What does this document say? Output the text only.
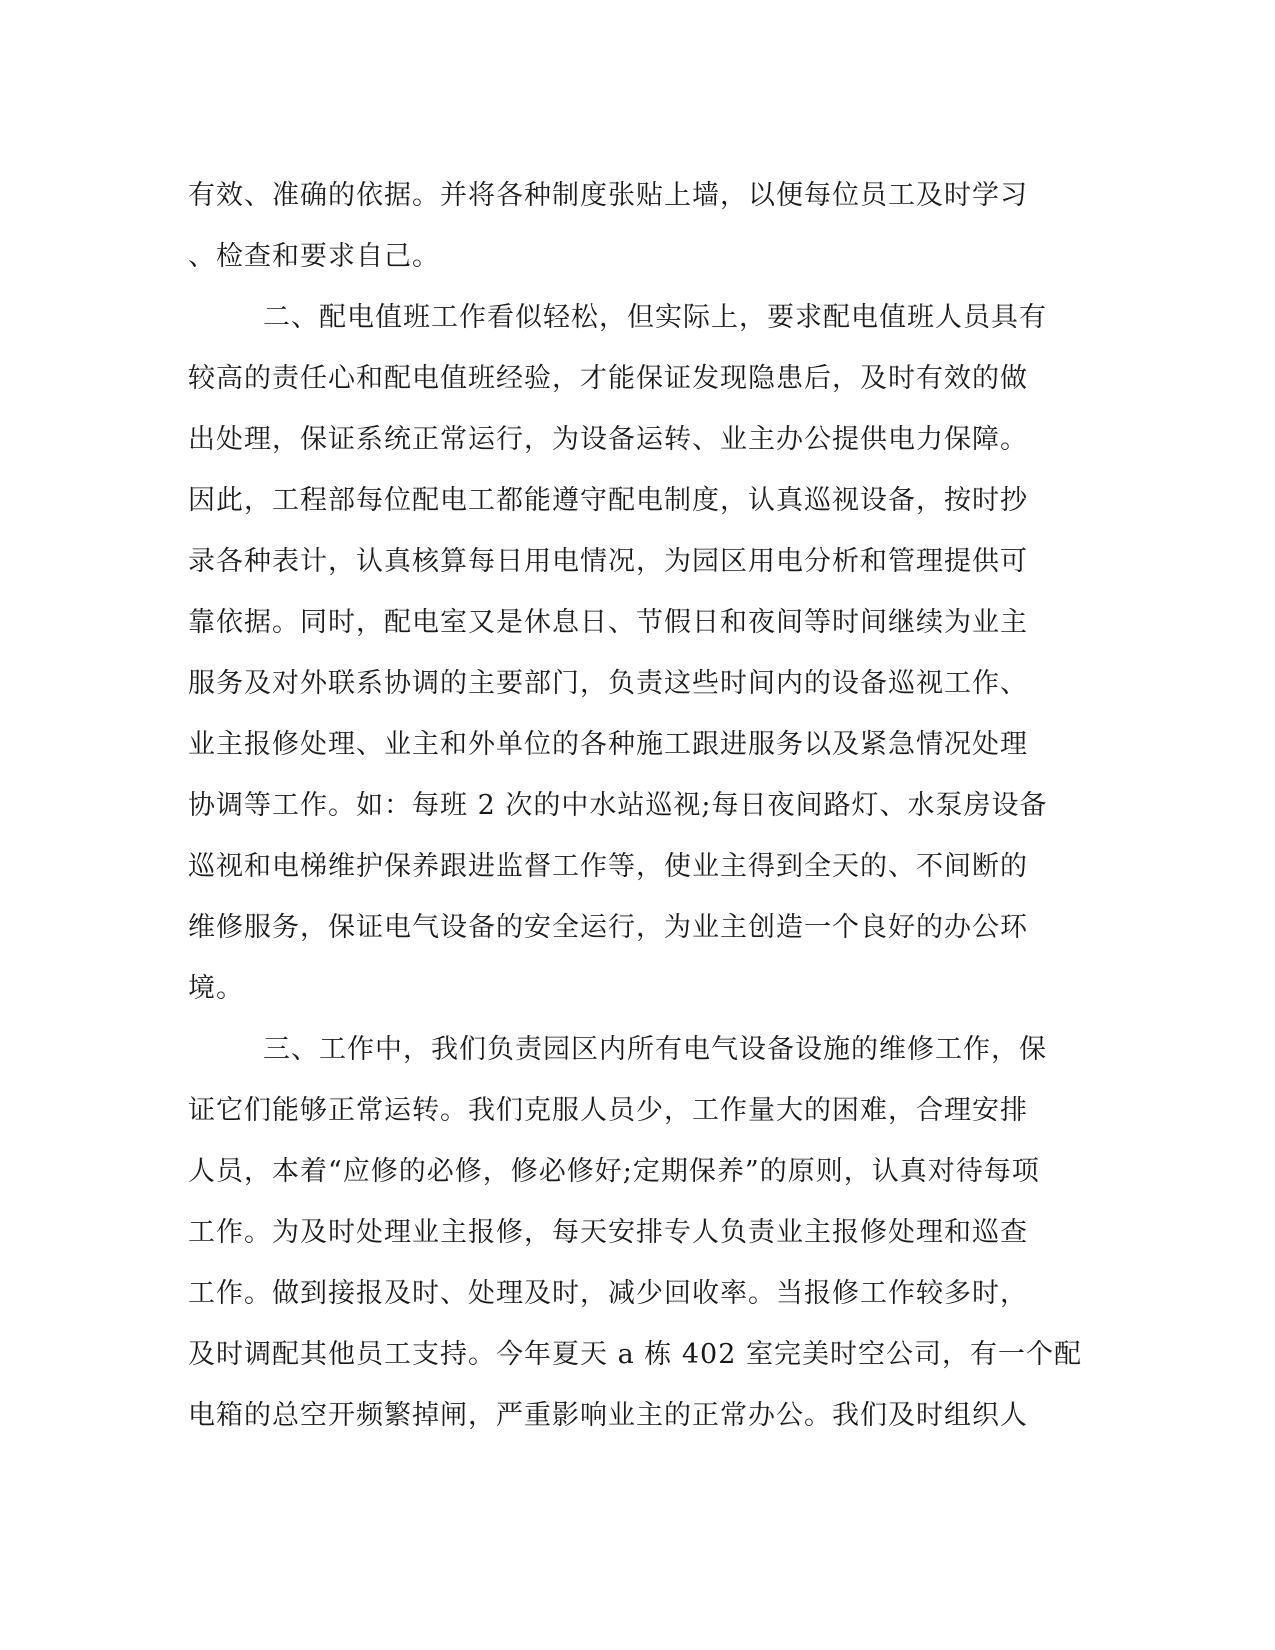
有效、准确的依据。并将各种制度张贴上墙，以便每位员工及时学习
、检查和要求自己。
二、配电值班工作看似轻松，但实际上，要求配电值班人员具有
较高的责任心和配电值班经验，才能保证发现隐患后，及时有效的做
出处理，保证系统正常运行，为设备运转、业主办公提供电力保障。
因此，工程部每位配电工都能遵守配电制度，认真巡视设备，按时抄
录各种表计，认真核算每日用电情况，为园区用电分析和管理提供可
靠依据。同时，配电室又是休息日、节假日和夜间等时间继续为业主
服务及对外联系协调的主要部门，负责这些时间内的设备巡视工作、
业主报修处理、业主和外单位的各种施工跟进服务以及紧急情况处理
协调等工作。如：每班 2 次的中水站巡视;每日夜间路灯、水泵房设备
巡视和电梯维护保养跟进监督工作等，使业主得到全天的、不间断的
维修服务，保证电气设备的安全运行，为业主创造一个良好的办公环
境。
三、工作中，我们负责园区内所有电气设备设施的维修工作，保
证它们能够正常运转。我们克服人员少，工作量大的困难，合理安排
人员，本着“应修的必修，修必修好;定期保养”的原则，认真对待每项
工作。为及时处理业主报修，每天安排专人负责业主报修处理和巡查
工作。做到接报及时、处理及时，减少回收率。当报修工作较多时，
及时调配其他员工支持。今年夏天 a 栋 402 室完美时空公司，有一个配
电箱的总空开频繁掉闸，严重影响业主的正常办公。我们及时组织人
